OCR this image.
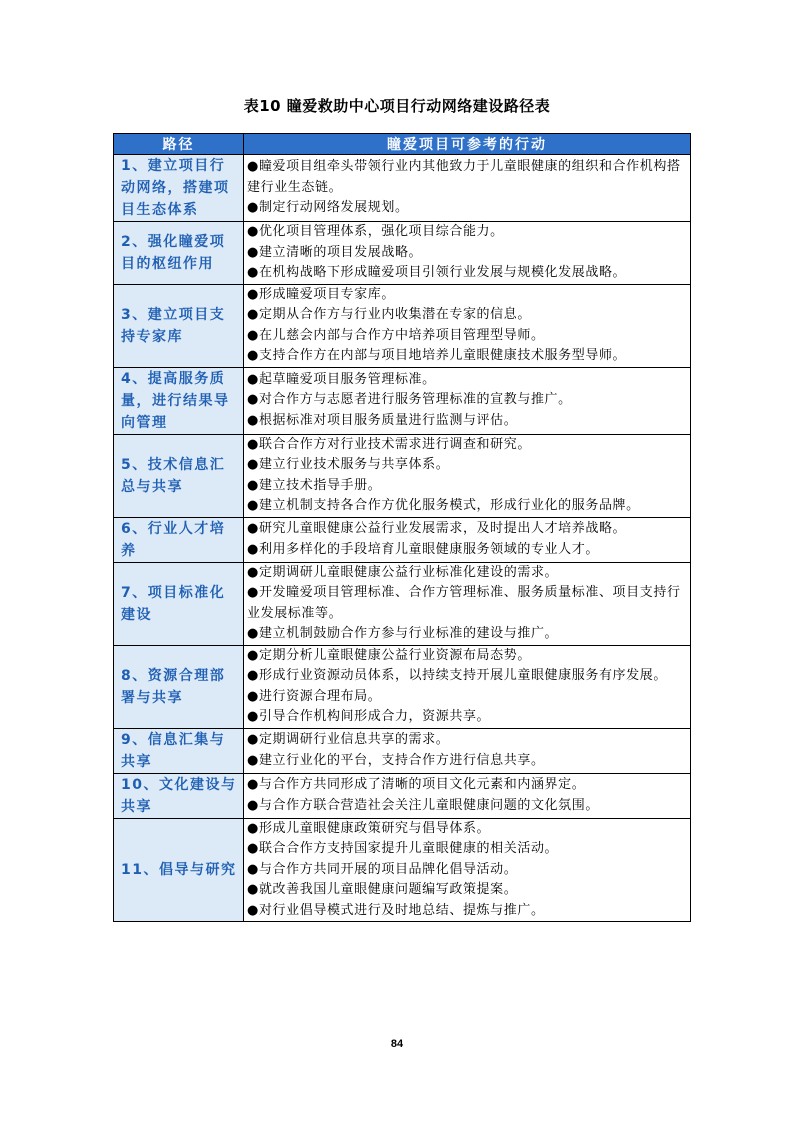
表10 瞳爱救助中心项目行动网络建设路径表
路径	瞳爱项目可参考的行动
1、建立项目行动网络，搭建项目生态体系	●瞳爱项目组牵头带领行业内其他致力于儿童眼健康的组织和合作机构搭建行业生态链。
●制定行动网络发展规划。

2、强化瞳爱项目的枢纽作用	●优化项目管理体系，强化项目综合能力。
●建立清晰的项目发展战略。
●在机构战略下形成瞳爱项目引领行业发展与规模化发展战略。

3、建立项目支持专家库	●形成瞳爱项目专家库。
●定期从合作方与行业内收集潜在专家的信息。
●在儿慈会内部与合作方中培养项目管理型导师。
●支持合作方在内部与项目地培养儿童眼健康技术服务型导师。

4、提高服务质量，进行结果导向管理	●起草瞳爱项目服务管理标准。
●对合作方与志愿者进行服务管理标准的宣教与推广。
●根据标准对项目服务质量进行监测与评估。

5、技术信息汇总与共享	●联合合作方对行业技术需求进行调查和研究。
●建立行业技术服务与共享体系。
●建立技术指导手册。
●建立机制支持各合作方优化服务模式，形成行业化的服务品牌。

6、行业人才培养	●研究儿童眼健康公益行业发展需求，及时提出人才培养战略。
●利用多样化的手段培育儿童眼健康服务领域的专业人才。

7、项目标准化建设	●定期调研儿童眼健康公益行业标准化建设的需求。
●开发瞳爱项目管理标准、合作方管理标准、服务质量标准、项目支持行业发展标准等。
●建立机制鼓励合作方参与行业标准的建设与推广。

8、资源合理部署与共享	●定期分析儿童眼健康公益行业资源布局态势。
●形成行业资源动员体系，以持续支持开展儿童眼健康服务有序发展。
●进行资源合理布局。
●引导合作机构间形成合力，资源共享。

9、信息汇集与共享	●定期调研行业信息共享的需求。
●建立行业化的平台，支持合作方进行信息共享。

10、文化建设与共享	●与合作方共同形成了清晰的项目文化元素和内涵界定。
●与合作方联合营造社会关注儿童眼健康问题的文化氛围。

11、倡导与研究	●形成儿童眼健康政策研究与倡导体系。
●联合合作方支持国家提升儿童眼健康的相关活动。
●与合作方共同开展的项目品牌化倡导活动。
●就改善我国儿童眼健康问题编写政策提案。
●对行业倡导模式进行及时地总结、提炼与推广。
84
